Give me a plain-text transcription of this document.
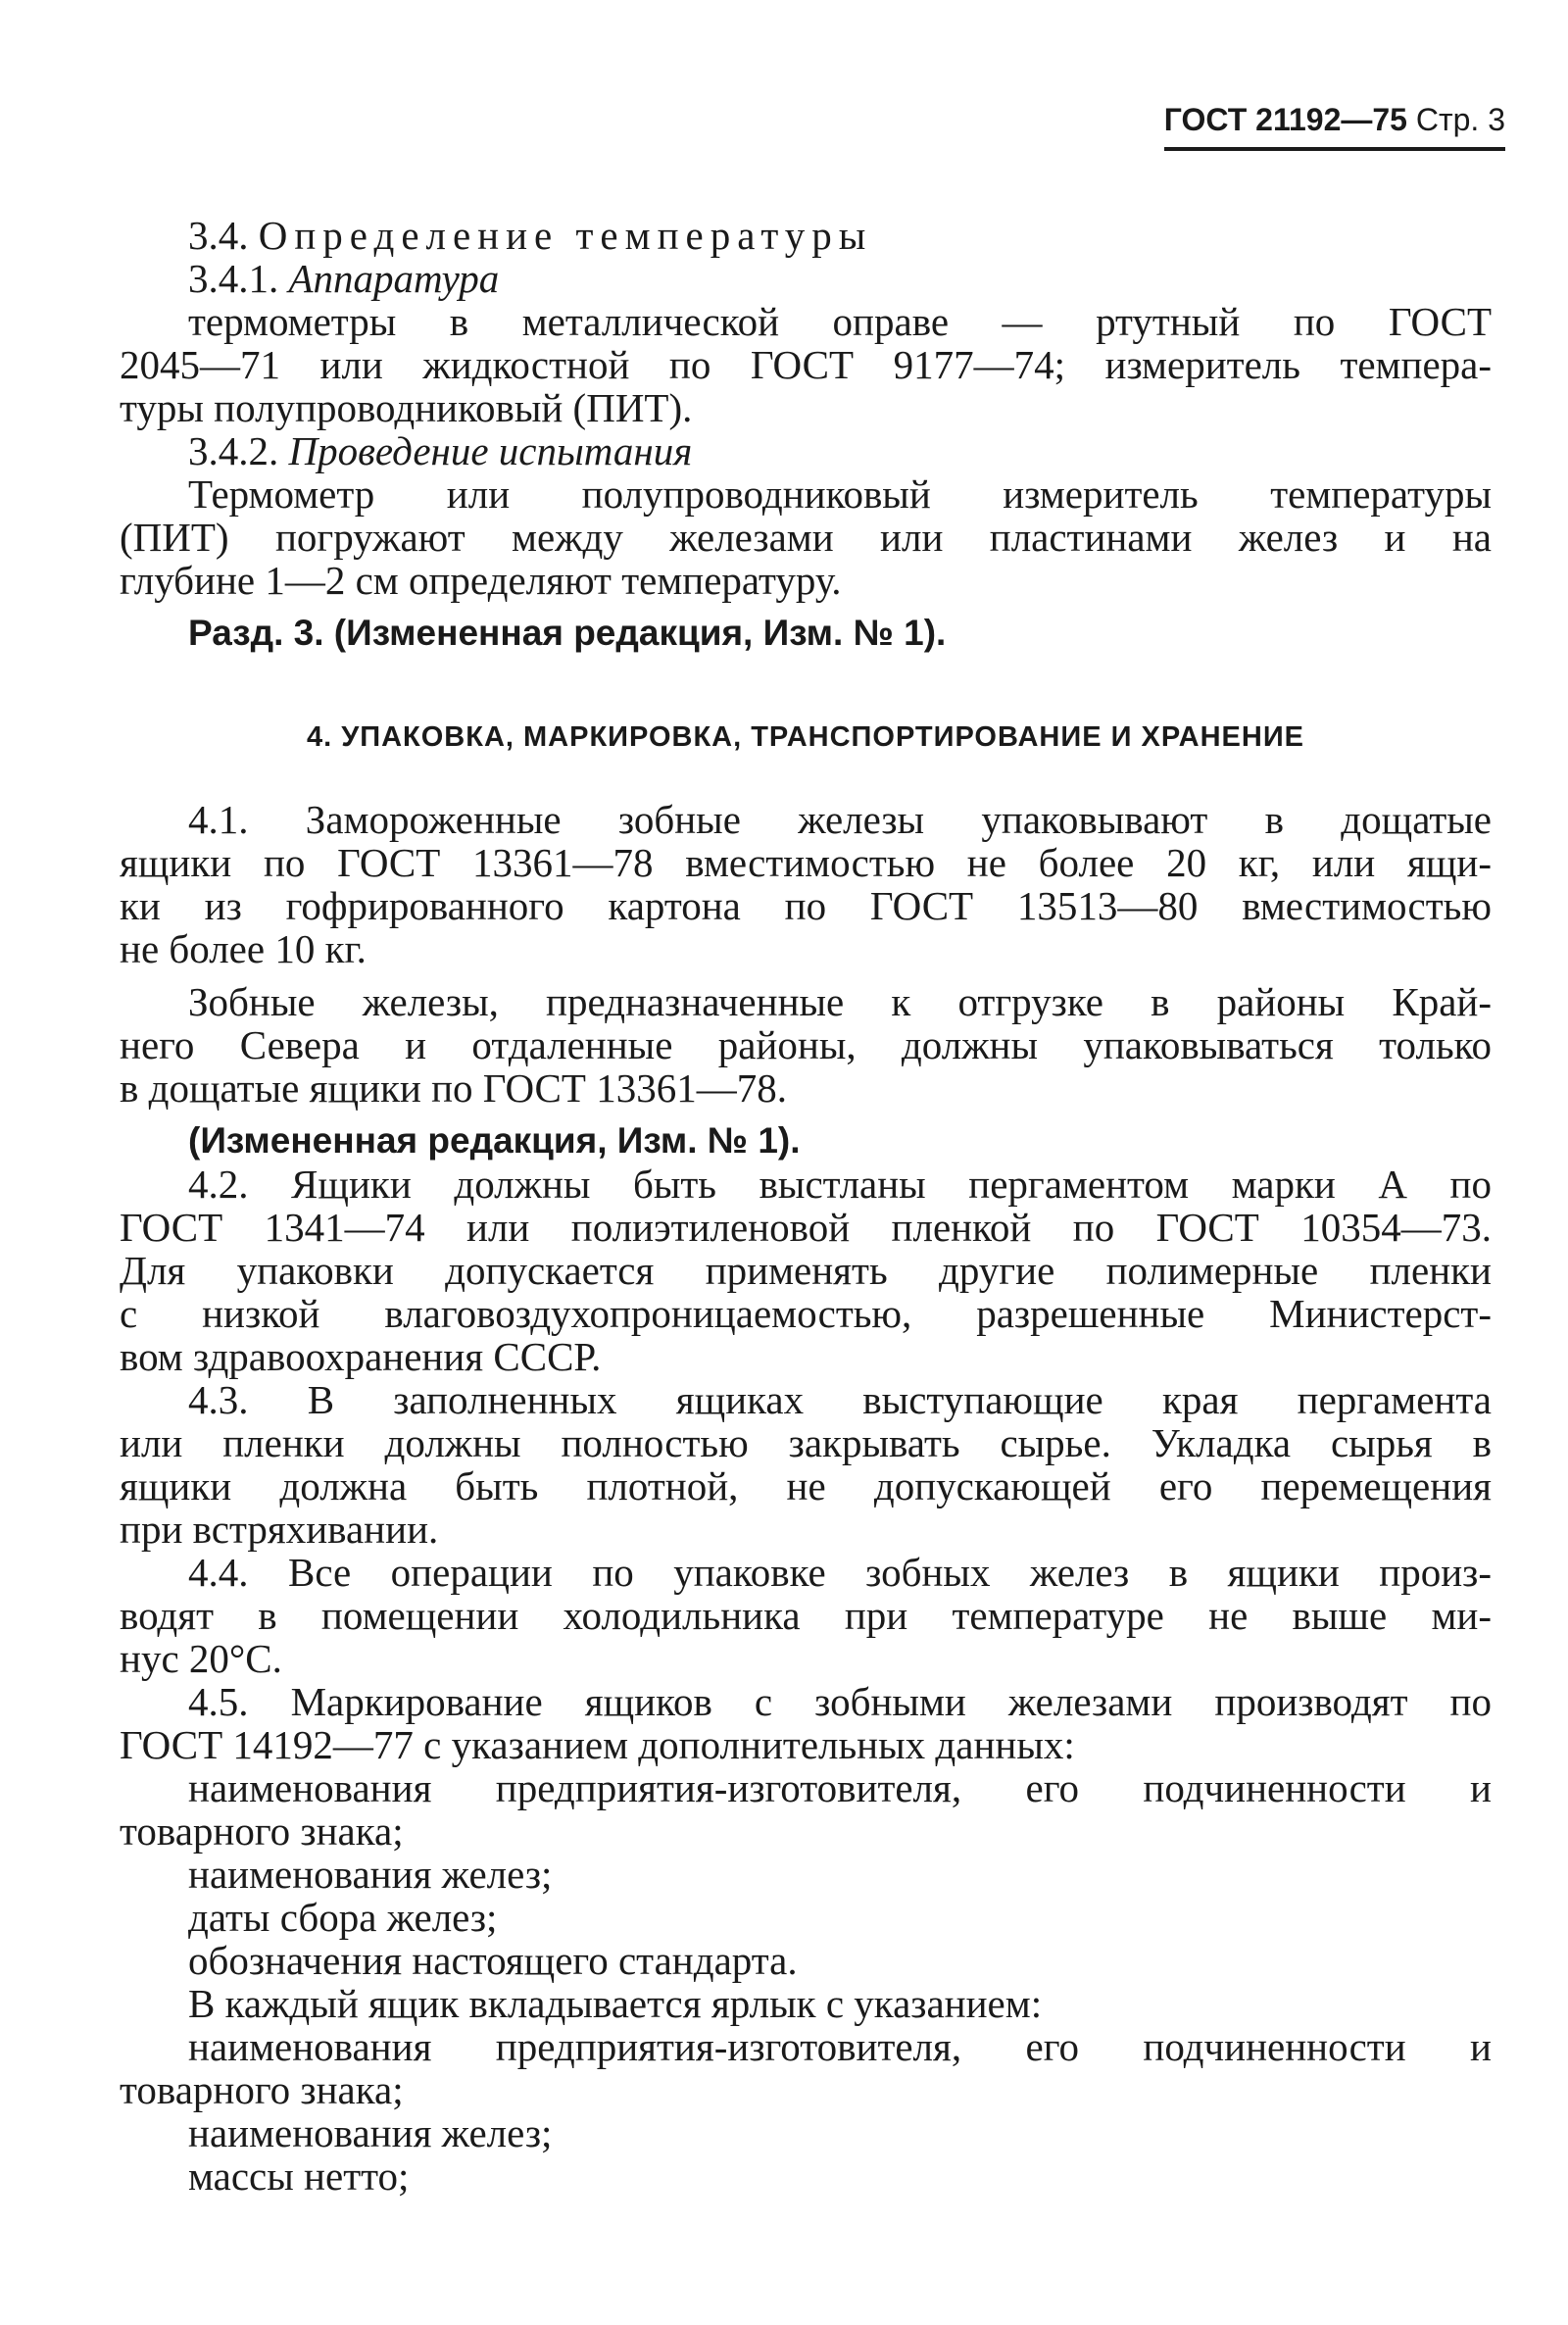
ГОСТ 21192—75 Стр. 3

3.4. Определение температуры

3.4.1. Аппаратура

термометры в металлической оправе — ртутный по ГОСТ

2045—71 или жидкостной по ГОСТ 9177—74; измеритель темпера-

туры полупроводниковый (ПИТ).

3.4.2. Проведение испытания

Термометр или полупроводниковый измеритель температуры

(ПИТ) погружают между железами или пластинами желез и на

глубине 1—2 см определяют температуру.

Разд. 3. (Измененная редакция, Изм. № 1).

4. УПАКОВКА, МАРКИРОВКА, ТРАНСПОРТИРОВАНИЕ И ХРАНЕНИЕ

4.1. Замороженные зобные железы упаковывают в дощатые

ящики по ГОСТ 13361—78 вместимостью не более 20 кг, или ящи-

ки из гофрированного картона по ГОСТ 13513—80 вместимостью

не более 10 кг.

Зобные железы, предназначенные к отгрузке в районы Край-

него Севера и отдаленные районы, должны упаковываться только

в дощатые ящики по ГОСТ 13361—78.

(Измененная редакция, Изм. № 1).

4.2. Ящики должны быть выстланы пергаментом марки А по

ГОСТ 1341—74 или полиэтиленовой пленкой по ГОСТ 10354—73.

Для упаковки допускается применять другие полимерные пленки

с низкой влаговоздухопроницаемостью, разрешенные Министерст-

вом здравоохранения СССР.

4.3. В заполненных ящиках выступающие края пергамента

или пленки должны полностью закрывать сырье. Укладка сырья в

ящики должна быть плотной, не допускающей его перемещения

при встряхивании.

4.4. Все операции по упаковке зобных желез в ящики произ-

водят в помещении холодильника при температуре не выше ми-

нус 20°С.

4.5. Маркирование ящиков с зобными железами производят по

ГОСТ 14192—77 с указанием дополнительных данных:

наименования предприятия-изготовителя, его подчиненности и

товарного знака;

наименования желез;

даты сбора желез;

обозначения настоящего стандарта.

В каждый ящик вкладывается ярлык с указанием:

наименования предприятия-изготовителя, его подчиненности и

товарного знака;

наименования желез;

массы нетто;
